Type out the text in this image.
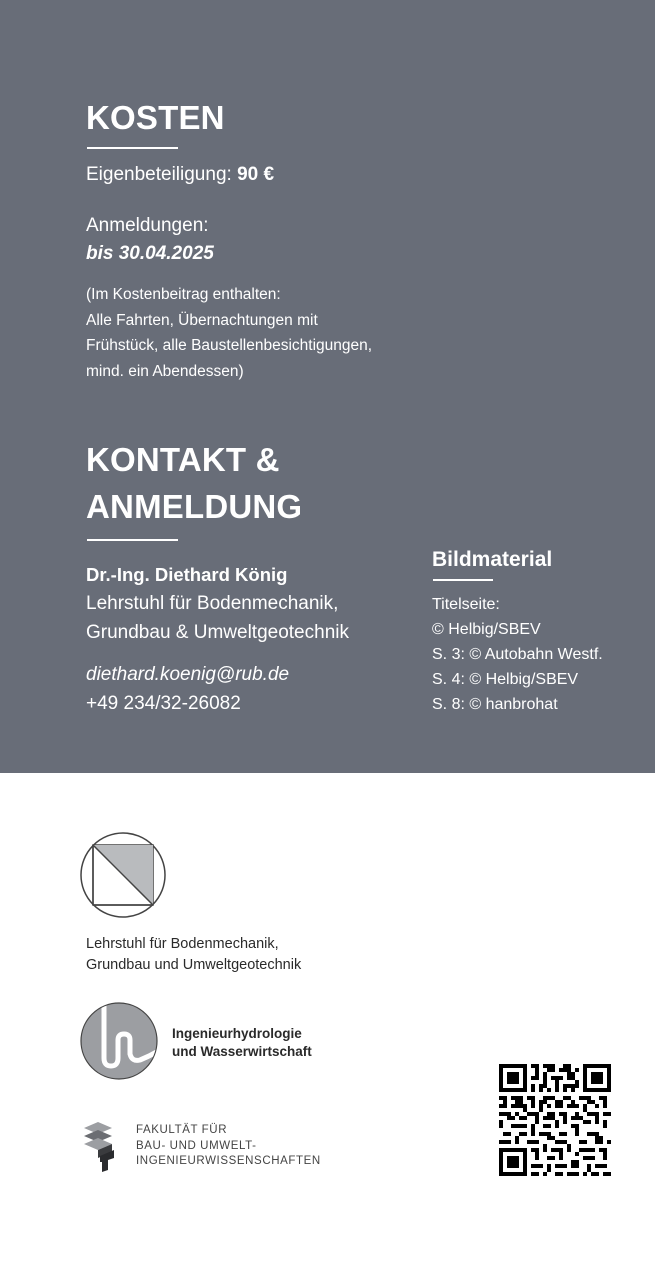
KOSTEN
Eigenbeteiligung: 90 €
Anmeldungen:
bis 30.04.2025
(Im Kostenbeitrag enthalten:
Alle Fahrten, Übernachtungen mit
Frühstück, alle Baustellenbesichtigungen,
mind. ein Abendessen)
KONTAKT &
ANMELDUNG
Dr.-Ing. Diethard König
Lehrstuhl für Bodenmechanik,
Grundbau & Umweltgeotechnik
diethard.koenig@rub.de
+49 234/32-26082
Bildmaterial
Titelseite:
© Helbig/SBEV
S. 3: © Autobahn Westf.
S. 4: © Helbig/SBEV
S. 8: © hanbrohat
Lehrstuhl für Bodenmechanik,
Grundbau und Umweltgeotechnik
Ingenieurhydrologie
und Wasserwirtschaft
FAKULTÄT FÜR
BAU- UND UMWELT-
INGENIEURWISSENSCHAFTEN
